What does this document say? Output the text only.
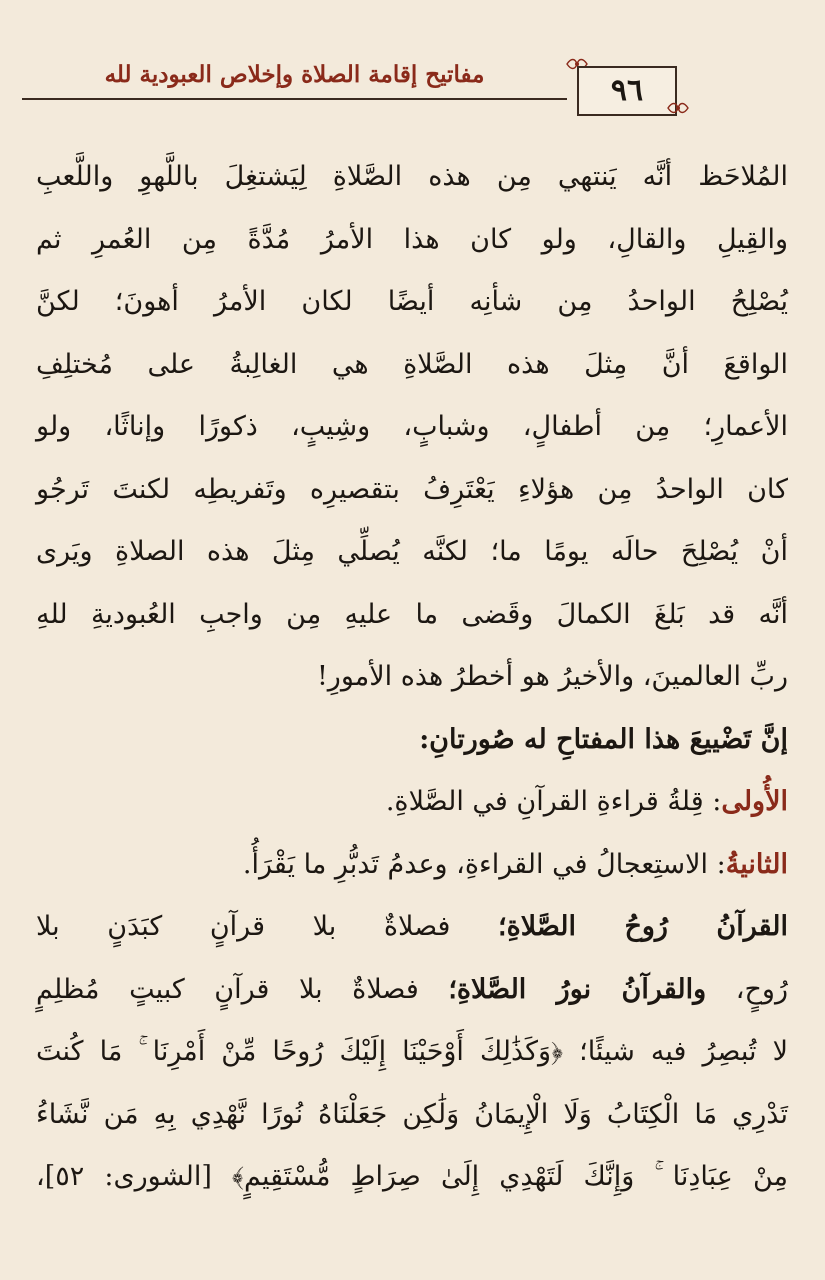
مفاتيح إقامة الصلاة وإخلاص العبودية لله	٩٦

المُلاحَظ أنَّه يَنتهي مِن هذه الصَّلاةِ لِيَشتغِلَ باللَّهوِ واللَّعبِ
والقِيلِ والقالِ، ولو كان هذا الأمرُ مُدَّةً مِن العُمرِ ثم
يُصْلِحُ الواحدُ مِن شأنِه أيضًا لكان الأمرُ أهونَ؛ لكنَّ
الواقعَ أنَّ مِثلَ هذه الصَّلاةِ هي الغالِبةُ على مُختلِفِ
الأعمارِ؛ مِن أطفالٍ، وشبابٍ، وشِيبٍ، ذكورًا وإناثًا، ولو
كان الواحدُ مِن هؤلاءِ يَعْتَرِفُ بتقصيرِه وتَفريطِه لكنتَ تَرجُو
أنْ يُصْلِحَ حالَه يومًا ما؛ لكنَّه يُصلِّي مِثلَ هذه الصلاةِ ويَرى
أنَّه قد بَلغَ الكمالَ وقَضى ما عليهِ مِن واجبِ العُبوديةِ للهِ
ربِّ العالمينَ، والأخيرُ هو أخطرُ هذه الأمورِ!

إنَّ تَضْييعَ هذا المفتاحِ له صُورتانِ:

الأُولى: قِلةُ قراءةِ القرآنِ في الصَّلاةِ.

الثانيةُ: الاستِعجالُ في القراءةِ، وعدمُ تَدبُّرِ ما يَقْرَأُ.

القرآنُ رُوحُ الصَّلاةِ؛ فصلاةٌ بلا قرآنٍ كبَدَنٍ بلا
رُوحٍ، والقرآنُ نورُ الصَّلاةِ؛ فصلاةٌ بلا قرآنٍ كبيتٍ مُظلِمٍ
لا تُبصِرُ فيه شيئًا؛ ﴿وَكَذَٰلِكَ أَوْحَيْنَا إِلَيْكَ رُوحًا مِّنْ أَمْرِنَا ۚ مَا كُنتَ
تَدْرِي مَا الْكِتَابُ وَلَا الْإِيمَانُ وَلَٰكِن جَعَلْنَاهُ نُورًا نَّهْدِي بِهِ مَن نَّشَاءُ
مِنْ عِبَادِنَا ۚ وَإِنَّكَ لَتَهْدِي إِلَىٰ صِرَاطٍ مُّسْتَقِيمٍ﴾ [الشورى: ٥٢]،
